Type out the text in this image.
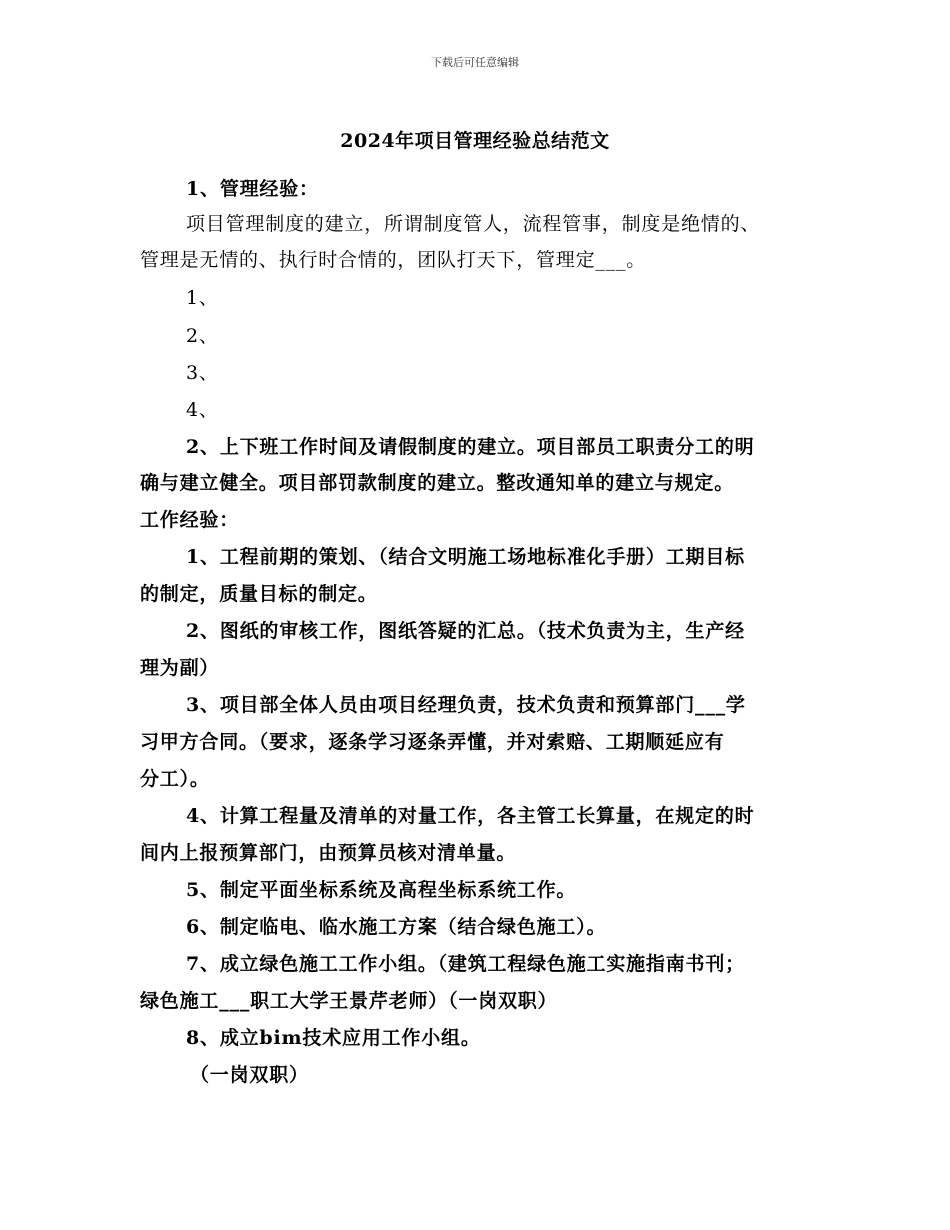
下载后可任意编辑
2024年项目管理经验总结范文
1、管理经验：
项目管理制度的建立，所谓制度管人，流程管事，制度是绝情的、
管理是无情的、执行时合情的，团队打天下，管理定___。
1、
2、
3、
4、
2、上下班工作时间及请假制度的建立。项目部员工职责分工的明
确与建立健全。项目部罚款制度的建立。整改通知单的建立与规定。
工作经验：
1、工程前期的策划、（结合文明施工场地标准化手册）工期目标
的制定，质量目标的制定。
2、图纸的审核工作，图纸答疑的汇总。（技术负责为主，生产经
理为副）
3、项目部全体人员由项目经理负责，技术负责和预算部门___学
习甲方合同。（要求，逐条学习逐条弄懂，并对索赔、工期顺延应有
分工）。
4、计算工程量及清单的对量工作，各主管工长算量，在规定的时
间内上报预算部门，由预算员核对清单量。
5、制定平面坐标系统及高程坐标系统工作。
6、制定临电、临水施工方案（结合绿色施工）。
7、成立绿色施工工作小组。（建筑工程绿色施工实施指南书刊；
绿色施工___职工大学王景芹老师）（一岗双职）
8、成立bim技术应用工作小组。
（一岗双职）
